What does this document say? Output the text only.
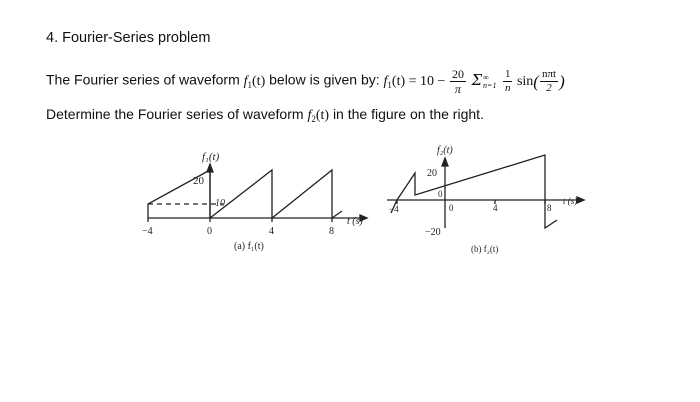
4. Fourier-Series problem
The Fourier series of waveform $f_1(t)$ below is given by: $f_1(t) = 10 - \frac{20}{\pi}$ Σ ∞
n=1
$\frac{1}{n} \sin( \frac{\text{nπt}}{2}$ )
Determine the Fourier series of waveform $f_2(t)$ in the figure on the right.
f₁(t)
20
10
−4	0	4	8
t (s)
(a) f₁(t)
f₂(t)
20
−20
0
−4	0	4	8
t (s)
(b) f₂(t)
